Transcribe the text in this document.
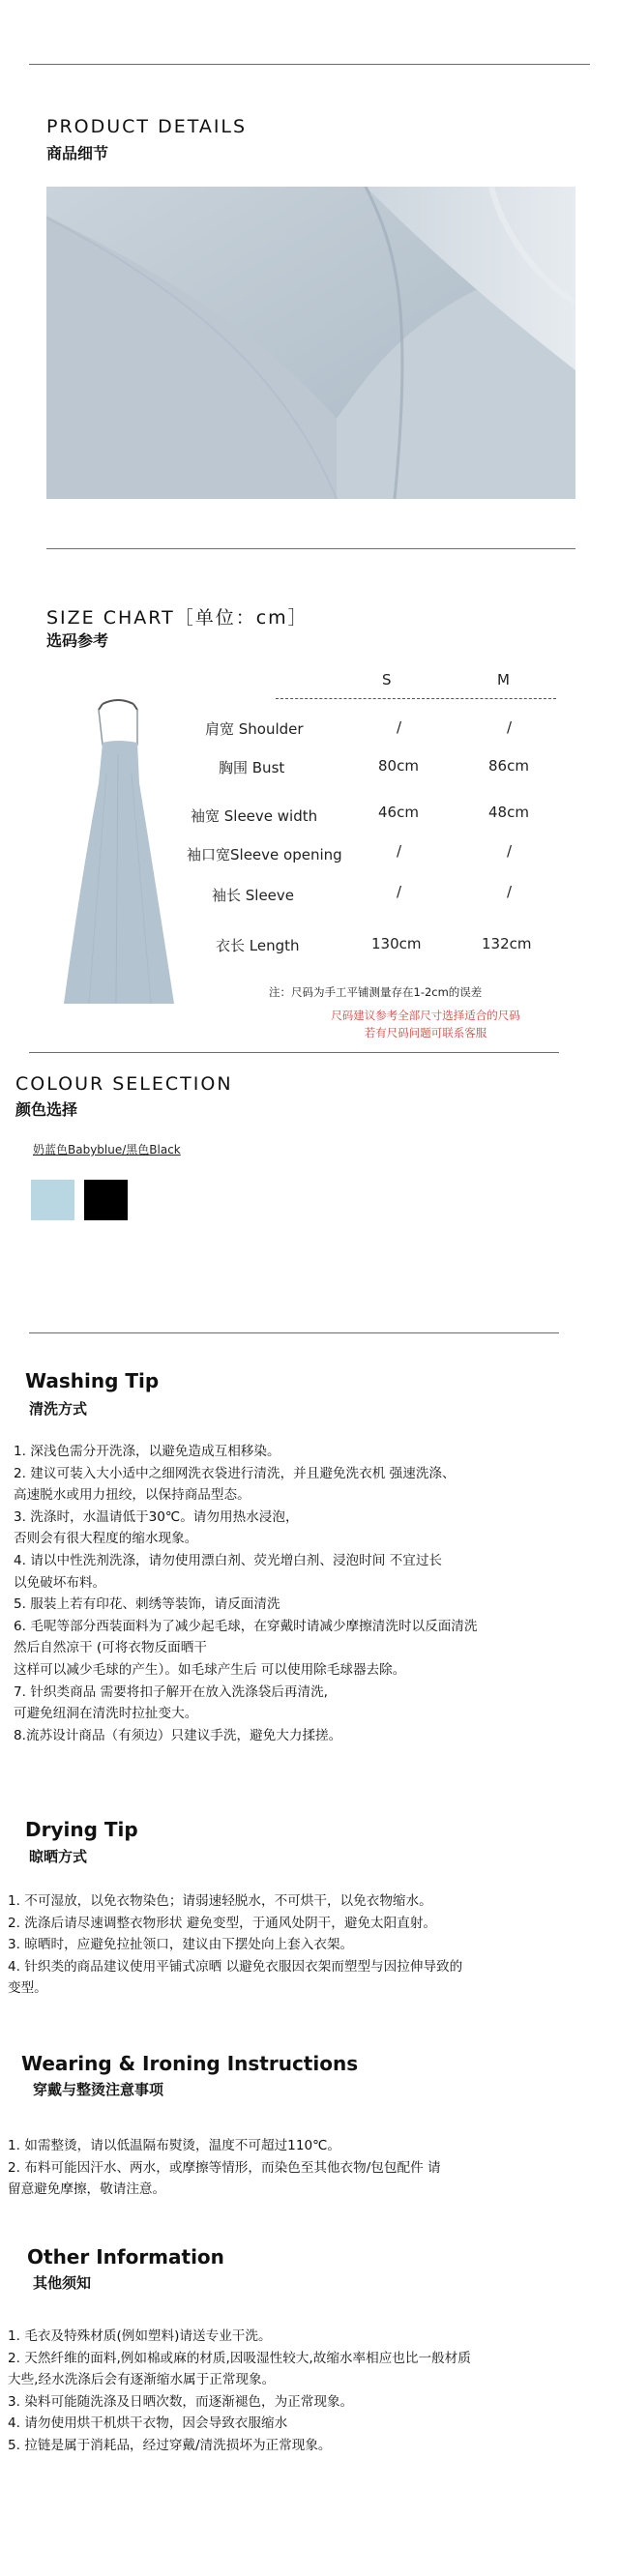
PRODUCT DETAILS
商品细节
SIZE CHART［单位：cm］
选码参考
S	M
肩宽 Shoulder	/	/
胸围 Bust	80cm	86cm
袖宽 Sleeve width	46cm	48cm
袖口宽Sleeve opening	/	/
袖长 Sleeve	/	/
衣长 Length	130cm	132cm
注：尺码为手工平铺测量存在1-2cm的误差
尺码建议参考全部尺寸选择适合的尺码
若有尺码问题可联系客服
COLOUR SELECTION
颜色选择
奶蓝色Babyblue/黑色Black
Washing Tip
清洗方式
1. 深浅色需分开洗涤，以避免造成互相移染。
2. 建议可装入大小适中之细网洗衣袋进行清洗，并且避免洗衣机 强速洗涤、
高速脱水或用力扭绞，以保持商品型态。
3. 洗涤时，水温请低于30℃。请勿用热水浸泡，
否则会有很大程度的缩水现象。
4. 请以中性洗剂洗涤，请勿使用漂白剂、荧光增白剂、浸泡时间 不宜过长
以免破坏布料。
5. 服装上若有印花、刺绣等装饰，请反面清洗
6. 毛呢等部分西装面料为了减少起毛球，在穿戴时请减少摩擦清洗时以反面清洗
然后自然凉干 (可将衣物反面晒干
这样可以减少毛球的产生）。如毛球产生后 可以使用除毛球器去除。
7. 针织类商品 需要将扣子解开在放入洗涤袋后再清洗,
可避免纽洞在清洗时拉扯变大。
8.流苏设计商品（有须边）只建议手洗，避免大力揉搓。
Drying Tip
晾晒方式
1. 不可湿放，以免衣物染色；请弱速轻脱水，不可烘干，以免衣物缩水。
2. 洗涤后请尽速调整衣物形状 避免变型，于通风处阴干，避免太阳直射。
3. 晾晒时，应避免拉扯领口，建议由下摆处向上套入衣架。
4. 针织类的商品建议使用平铺式凉晒 以避免衣服因衣架而塑型与因拉伸导致的
变型。
Wearing & Ironing Instructions
穿戴与整烫注意事项
1. 如需整烫，请以低温隔布熨烫，温度不可超过110℃。
2. 布料可能因汗水、两水，或摩擦等情形，而染色至其他衣物/包包配件 请
留意避免摩擦，敬请注意。
Other Information
其他须知
1. 毛衣及特殊材质(例如塑料)请送专业干洗。
2. 天然纤维的面料,例如棉或麻的材质,因吸湿性较大,故缩水率相应也比一般材质
大些,经水洗涤后会有逐渐缩水属于正常现象。
3. 染料可能随洗涤及日晒次数，而逐渐褪色，为正常现象。
4. 请勿使用烘干机烘干衣物，因会导致衣服缩水
5. 拉链是属于消耗品，经过穿戴/清洗损坏为正常现象。
